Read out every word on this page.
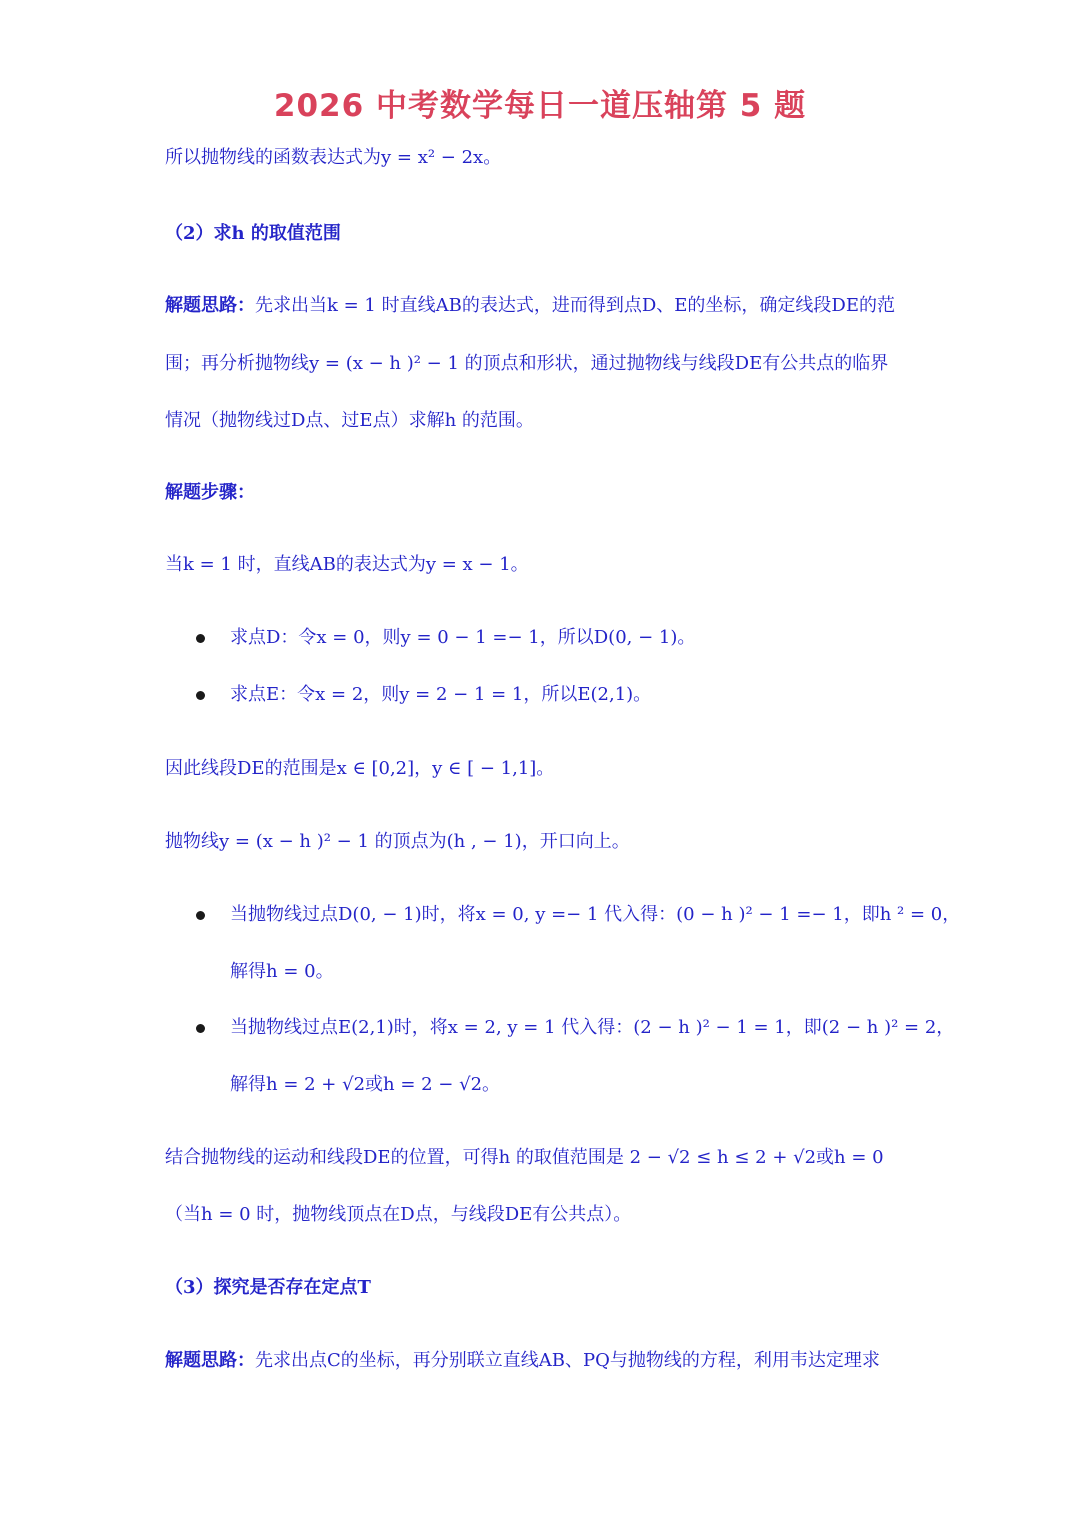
2026 中考数学每日一道压轴第 5 题
所以抛物线的函数表达式为y = x² − 2x。
（2）求h 的取值范围
解题思路：先求出当k = 1 时直线AB的表达式，进而得到点D、E的坐标，确定线段DE的范
围；再分析抛物线y = (x − h )² − 1 的顶点和形状，通过抛物线与线段DE有公共点的临界
情况（抛物线过D点、过E点）求解h 的范围。
解题步骤：
当k = 1 时，直线AB的表达式为y = x − 1。
求点D：令x = 0，则y = 0 − 1 =− 1，所以D(0, − 1)。
求点E：令x = 2，则y = 2 − 1 = 1，所以E(2,1)。
因此线段DE的范围是x ∈ [0,2]，y ∈ [ − 1,1]。
抛物线y = (x − h )² − 1 的顶点为(h , − 1)，开口向上。
当抛物线过点D(0, − 1)时，将x = 0, y =− 1 代入得：(0 − h )² − 1 =− 1，即h ² = 0，
解得h = 0。
当抛物线过点E(2,1)时，将x = 2, y = 1 代入得：(2 − h )² − 1 = 1，即(2 − h )² = 2，
解得h = 2 + √2或h = 2 − √2。
结合抛物线的运动和线段DE的位置，可得h 的取值范围是 2 − √2 ≤ h ≤ 2 + √2或h = 0
（当h = 0 时，抛物线顶点在D点，与线段DE有公共点）。
（3）探究是否存在定点T
解题思路：先求出点C的坐标，再分别联立直线AB、PQ与抛物线的方程，利用韦达定理求
